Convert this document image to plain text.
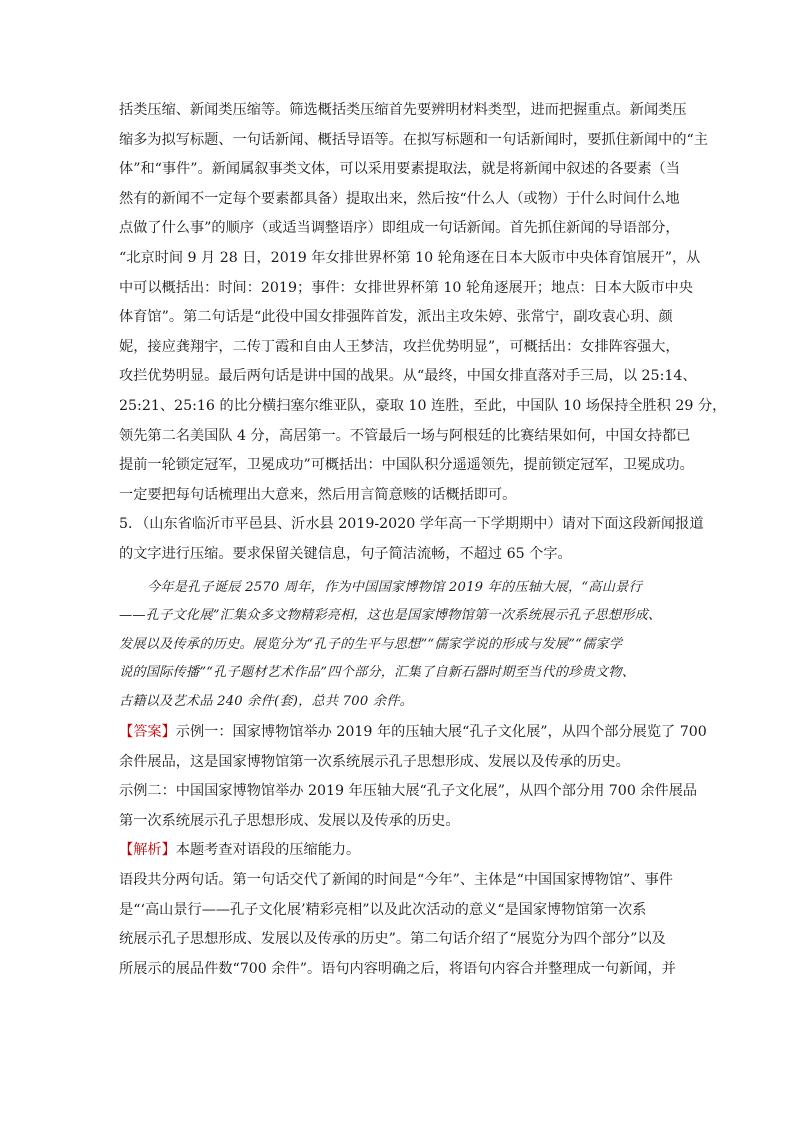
括类压缩、新闻类压缩等。筛选概括类压缩首先要辨明材料类型，进而把握重点。新闻类压
缩多为拟写标题、一句话新闻、概括导语等。在拟写标题和一句话新闻时，要抓住新闻中的“主
体”和“事件”。新闻属叙事类文体，可以采用要素提取法，就是将新闻中叙述的各要素（当
然有的新闻不一定每个要素都具备）提取出来，然后按“什么人（或物）于什么时间什么地
点做了什么事”的顺序（或适当调整语序）即组成一句话新闻。首先抓住新闻的导语部分，
“北京时间 9 月 28 日，2019 年女排世界杯第 10 轮角逐在日本大阪市中央体育馆展开”，从
中可以概括出：时间：2019；事件：女排世界杯第 10 轮角逐展开；地点：日本大阪市中央
体育馆”。第二句话是“此役中国女排强阵首发，派出主攻朱婷、张常宁，副攻袁心玥、颜
妮，接应龚翔宇，二传丁霞和自由人王梦洁，攻拦优势明显”，可概括出：女排阵容强大，
攻拦优势明显。最后两句话是讲中国的战果。从“最终，中国女排直落对手三局，以 25:14、
25:21、25:16 的比分横扫塞尔维亚队，豪取 10 连胜，至此，中国队 10 场保持全胜积 29 分，
领先第二名美国队 4 分，高居第一。不管最后一场与阿根廷的比赛结果如何，中国女持都已
提前一轮锁定冠军，卫冕成功”可概括出：中国队积分遥遥领先，提前锁定冠军，卫冕成功。
一定要把每句话梳理出大意来，然后用言简意赅的话概括即可。
5．（山东省临沂市平邑县、沂水县 2019-2020 学年高一下学期期中）请对下面这段新闻报道
的文字进行压缩。要求保留关键信息，句子简洁流畅，不超过 65 个字。
今年是孔子诞辰 2570 周年，作为中国国家博物馆 2019 年的压轴大展，“高山景行
——孔子文化展”汇集众多文物精彩亮相，这也是国家博物馆第一次系统展示孔子思想形成、
发展以及传承的历史。展览分为“孔子的生平与思想”“儒家学说的形成与发展”“儒家学
说的国际传播”“孔子题材艺术作品”四个部分，汇集了自新石器时期至当代的珍贵文物、
古籍以及艺术品 240 余件(套)，总共 700 余件。
【答案】示例一：国家博物馆举办 2019 年的压轴大展“孔子文化展”，从四个部分展览了 700
余件展品，这是国家博物馆第一次系统展示孔子思想形成、发展以及传承的历史。
示例二：中国国家博物馆举办 2019 年压轴大展“孔子文化展”，从四个部分用 700 余件展品
第一次系统展示孔子思想形成、发展以及传承的历史。
【解析】本题考查对语段的压缩能力。
语段共分两句话。第一句话交代了新闻的时间是“今年”、主体是“中国国家博物馆”、事件
是“‘高山景行——孔子文化展’精彩亮相”以及此次活动的意义“是国家博物馆第一次系
统展示孔子思想形成、发展以及传承的历史”。第二句话介绍了“展览分为四个部分”以及
所展示的展品件数“700 余件”。语句内容明确之后，将语句内容合并整理成一句新闻，并
